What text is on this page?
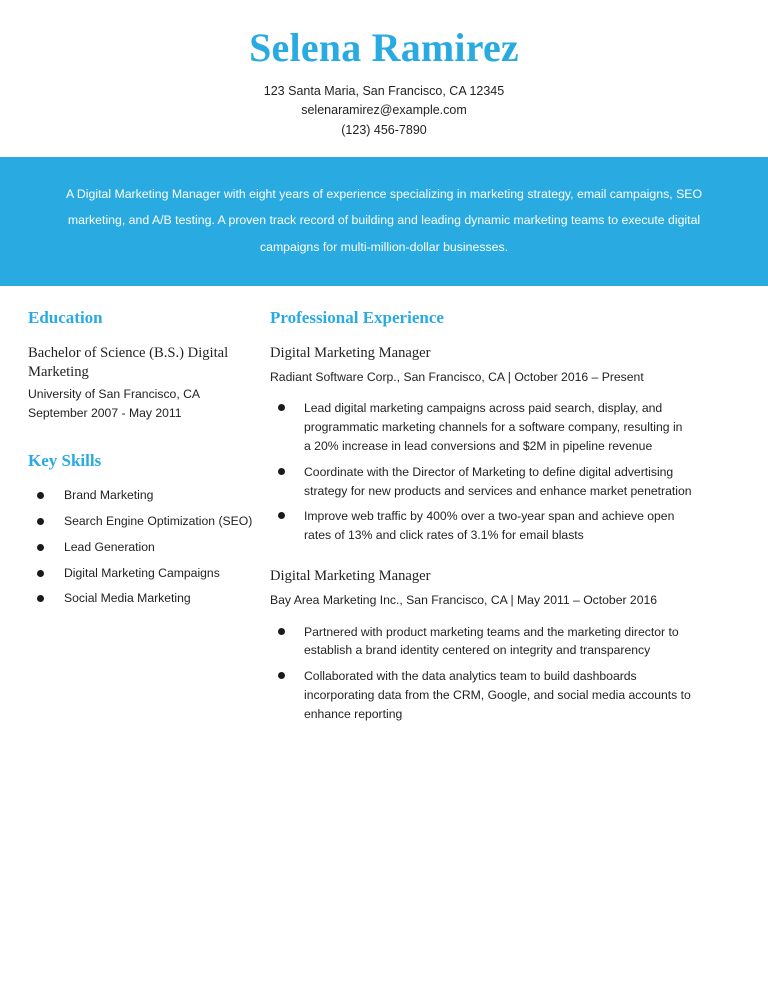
Selena Ramirez
123 Santa Maria, San Francisco, CA 12345
selenaramirez@example.com
(123) 456-7890

A Digital Marketing Manager with eight years of experience specializing in marketing strategy, email campaigns, SEO marketing, and A/B testing. A proven track record of building and leading dynamic marketing teams to execute digital campaigns for multi-million-dollar businesses.

Education

Bachelor of Science (B.S.) Digital Marketing

University of San Francisco, CA
September 2007 - May 2011

Key Skills
Brand Marketing
Search Engine Optimization (SEO)
Lead Generation
Digital Marketing Campaigns
Social Media Marketing
Professional Experience

Digital Marketing Manager

Radiant Software Corp., San Francisco, CA | October 2016 – Present

Lead digital marketing campaigns across paid search, display, and programmatic marketing channels for a software company, resulting in a 20% increase in lead conversions and $2M in pipeline revenue
Coordinate with the Director of Marketing to define digital advertising strategy for new products and services and enhance market penetration
Improve web traffic by 400% over a two-year span and achieve open rates of 13% and click rates of 3.1% for email blasts

Digital Marketing Manager

Bay Area Marketing Inc., San Francisco, CA | May 2011 – October 2016

Partnered with product marketing teams and the marketing director to establish a brand identity centered on integrity and transparency
Collaborated with the data analytics team to build dashboards incorporating data from the CRM, Google, and social media accounts to enhance reporting
